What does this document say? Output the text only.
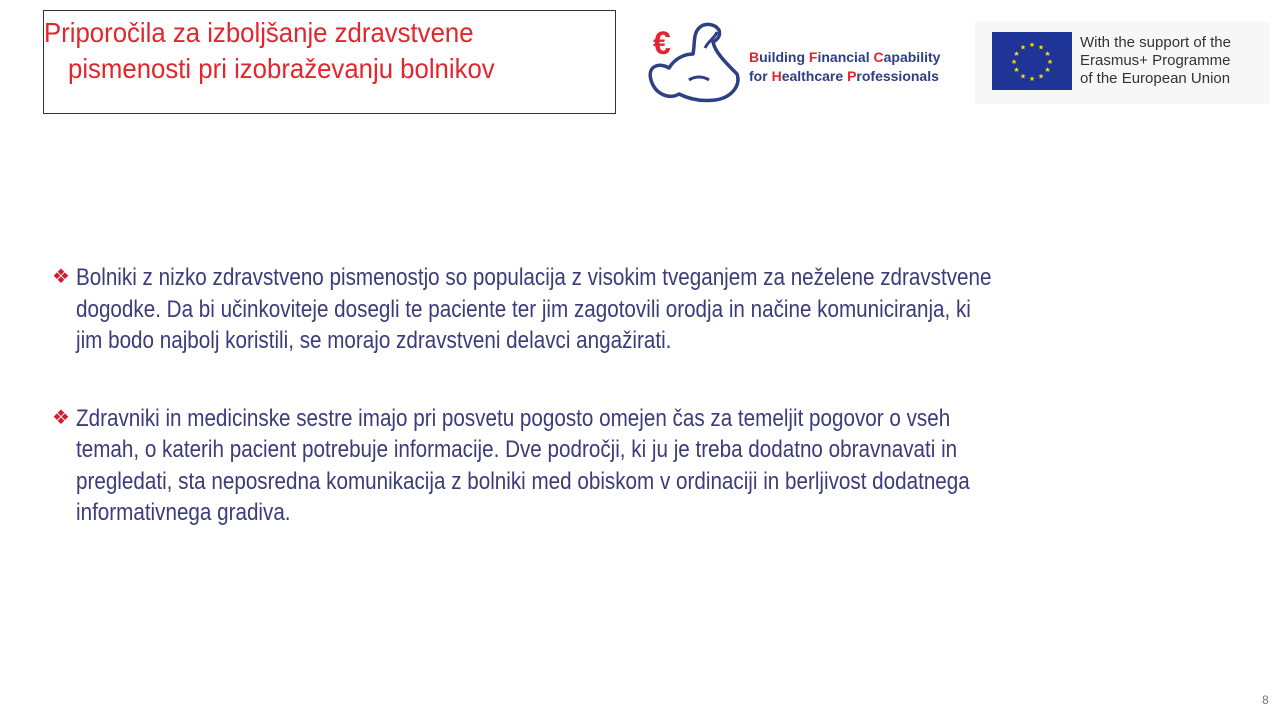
Priporočila za izboljšanje zdravstvene
pismenosti pri izobraževanju bolnikov
€	Building Financial Capability
for Healthcare Professionals
★ ★
★
★
★
★
★
★
★
★
★
★	With the support of the
Erasmus+ Programme
of the European Union
❖ Bolniki z nizko zdravstveno pismenostjo so populacija z visokim tveganjem za neželene zdravstvene
dogodke. Da bi učinkoviteje dosegli te paciente ter jim zagotovili orodja in načine komuniciranja, ki
jim bodo najbolj koristili, se morajo zdravstveni delavci angažirati.
❖ Zdravniki in medicinske sestre imajo pri posvetu pogosto omejen čas za temeljit pogovor o vseh
temah, o katerih pacient potrebuje informacije. Dve področji, ki ju je treba dodatno obravnavati in
pregledati, sta neposredna komunikacija z bolniki med obiskom v ordinaciji in berljivost dodatnega
informativnega gradiva.
8
